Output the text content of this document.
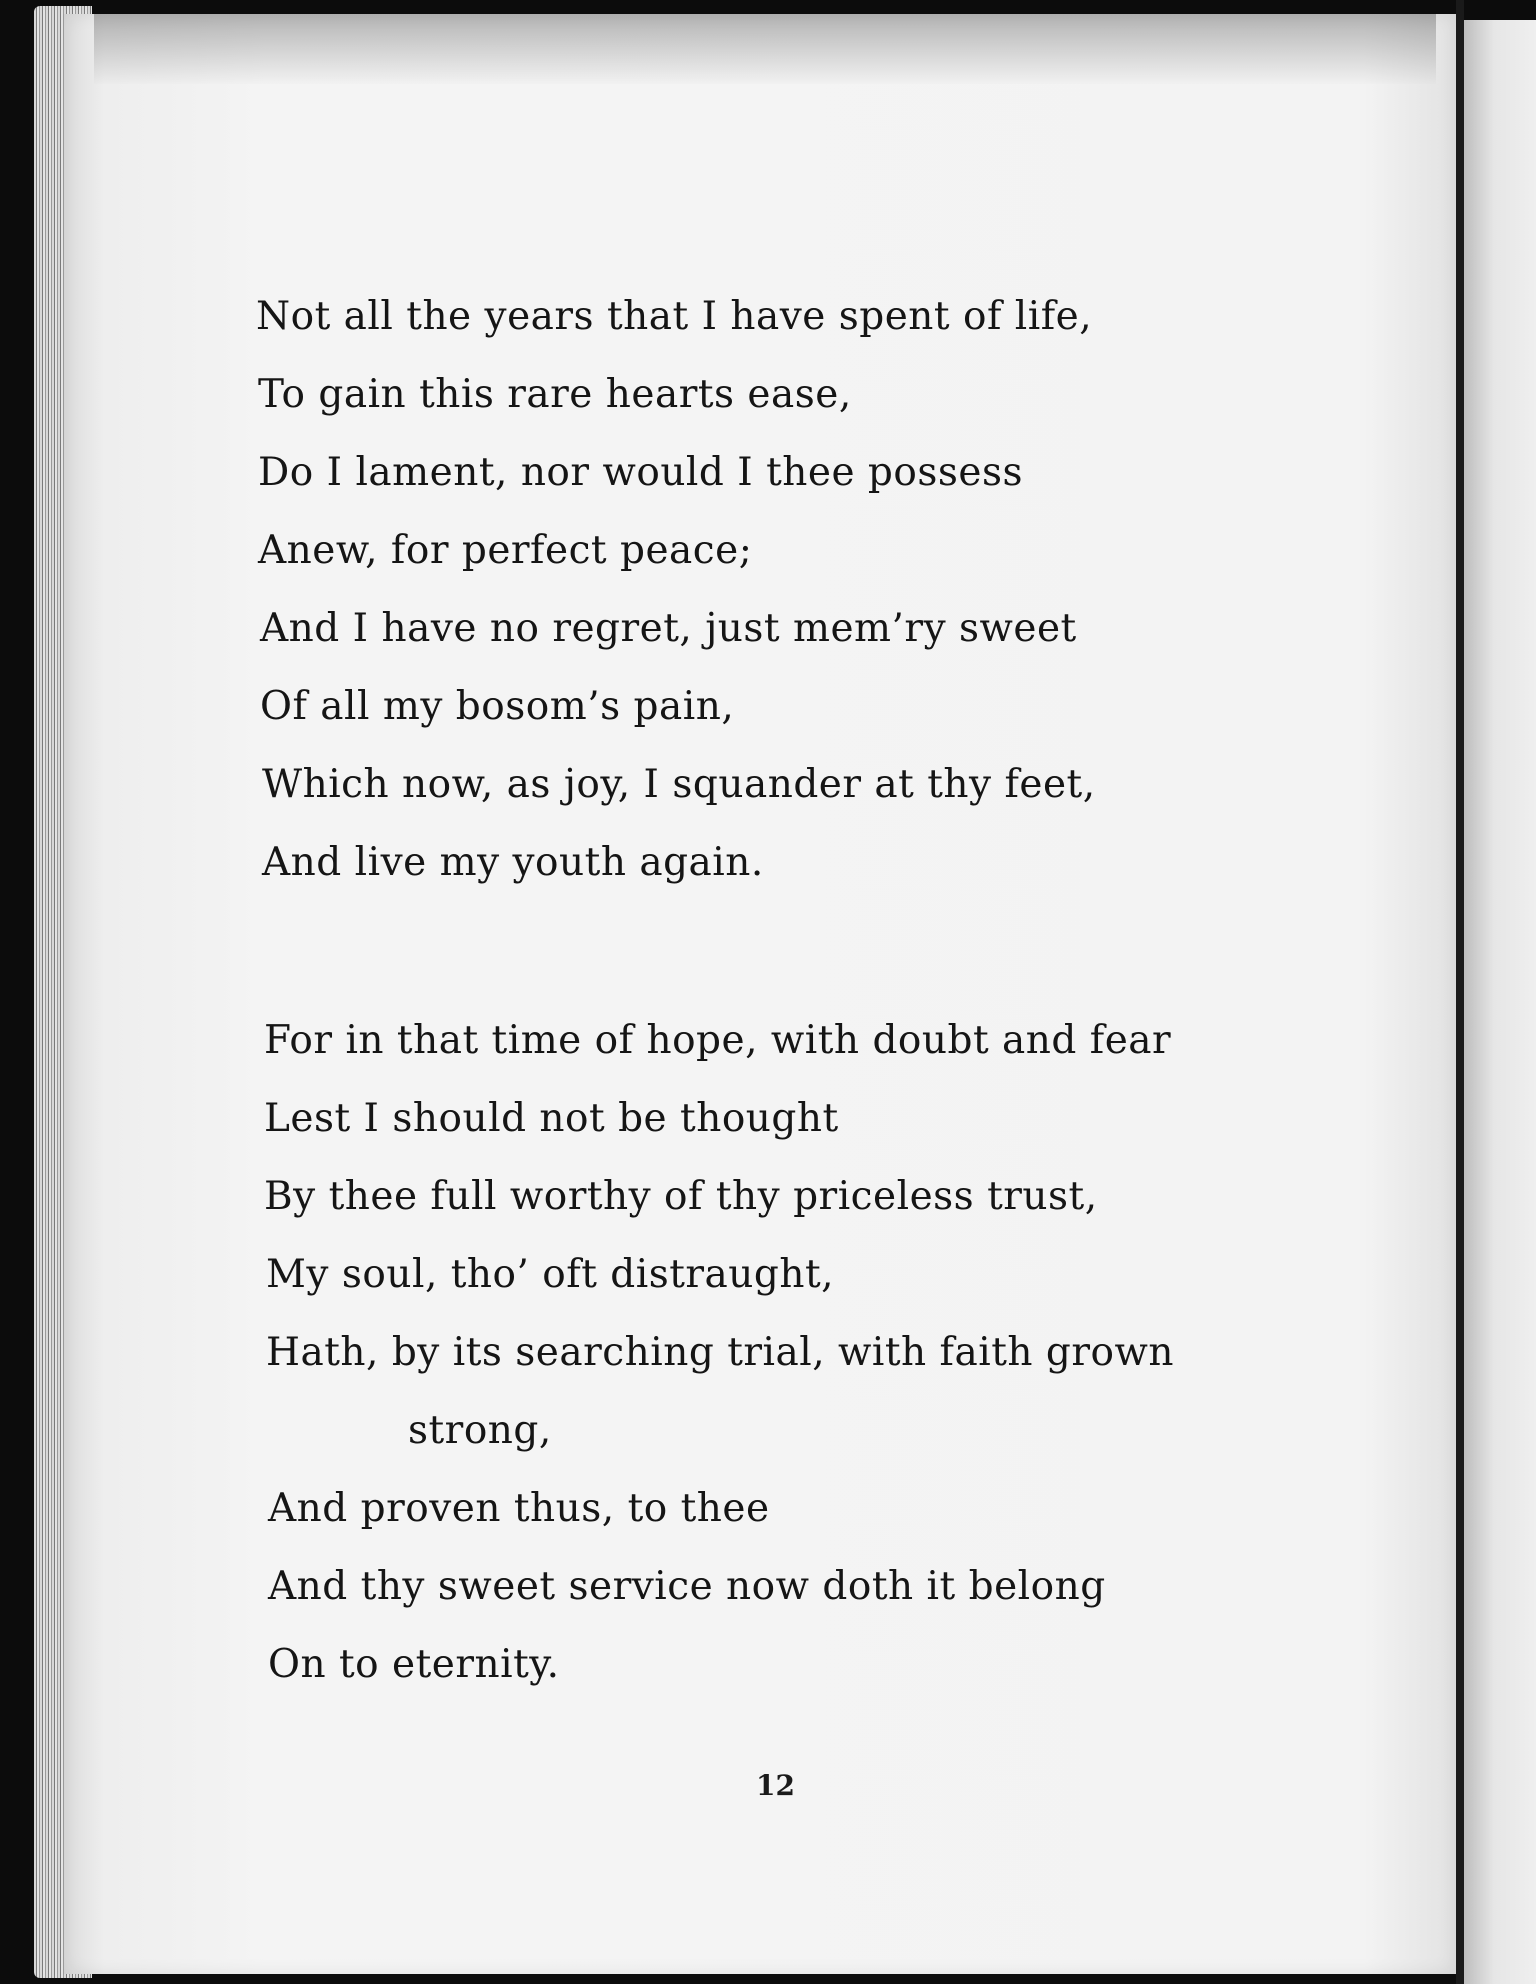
Not all the years that I have spent of life,
To gain this rare hearts ease,
Do I lament, nor would I thee possess
Anew, for perfect peace;
And I have no regret, just mem’ry sweet
Of all my bosom’s pain,
Which now, as joy, I squander at thy feet,
And live my youth again.
For in that time of hope, with doubt and fear
Lest I should not be thought
By thee full worthy of thy priceless trust,
My soul, tho’ oft distraught,
Hath, by its searching trial, with faith grown
strong,
And proven thus, to thee
And thy sweet service now doth it belong
On to eternity.
12
